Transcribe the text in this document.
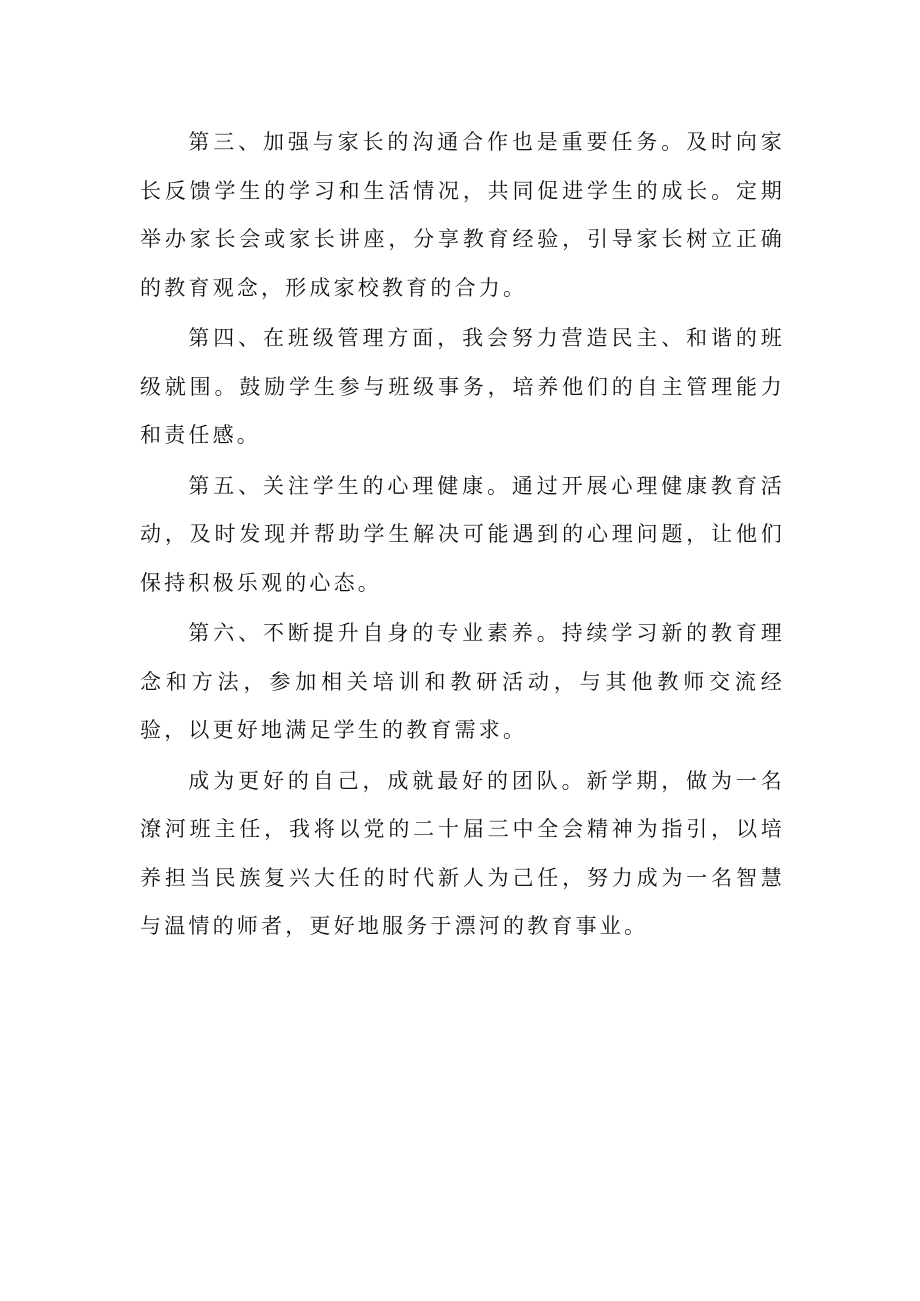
第三、加强与家长的沟通合作也是重要任务。及时向家长反馈学生的学习和生活情况，共同促进学生的成长。定期举办家长会或家长讲座，分享教育经验，引导家长树立正确的教育观念，形成家校教育的合力。

第四、在班级管理方面，我会努力营造民主、和谐的班级就围。鼓励学生参与班级事务，培养他们的自主管理能力和责任感。

第五、关注学生的心理健康。通过开展心理健康教育活动，及时发现并帮助学生解决可能遇到的心理问题，让他们保持积极乐观的心态。

第六、不断提升自身的专业素养。持续学习新的教育理念和方法，参加相关培训和教研活动，与其他教师交流经验，以更好地满足学生的教育需求。

成为更好的自己，成就最好的团队。新学期，做为一名潦河班主任，我将以党的二十届三中全会精神为指引，以培养担当民族复兴大任的时代新人为己任，努力成为一名智慧与温情的师者，更好地服务于漂河的教育事业。
